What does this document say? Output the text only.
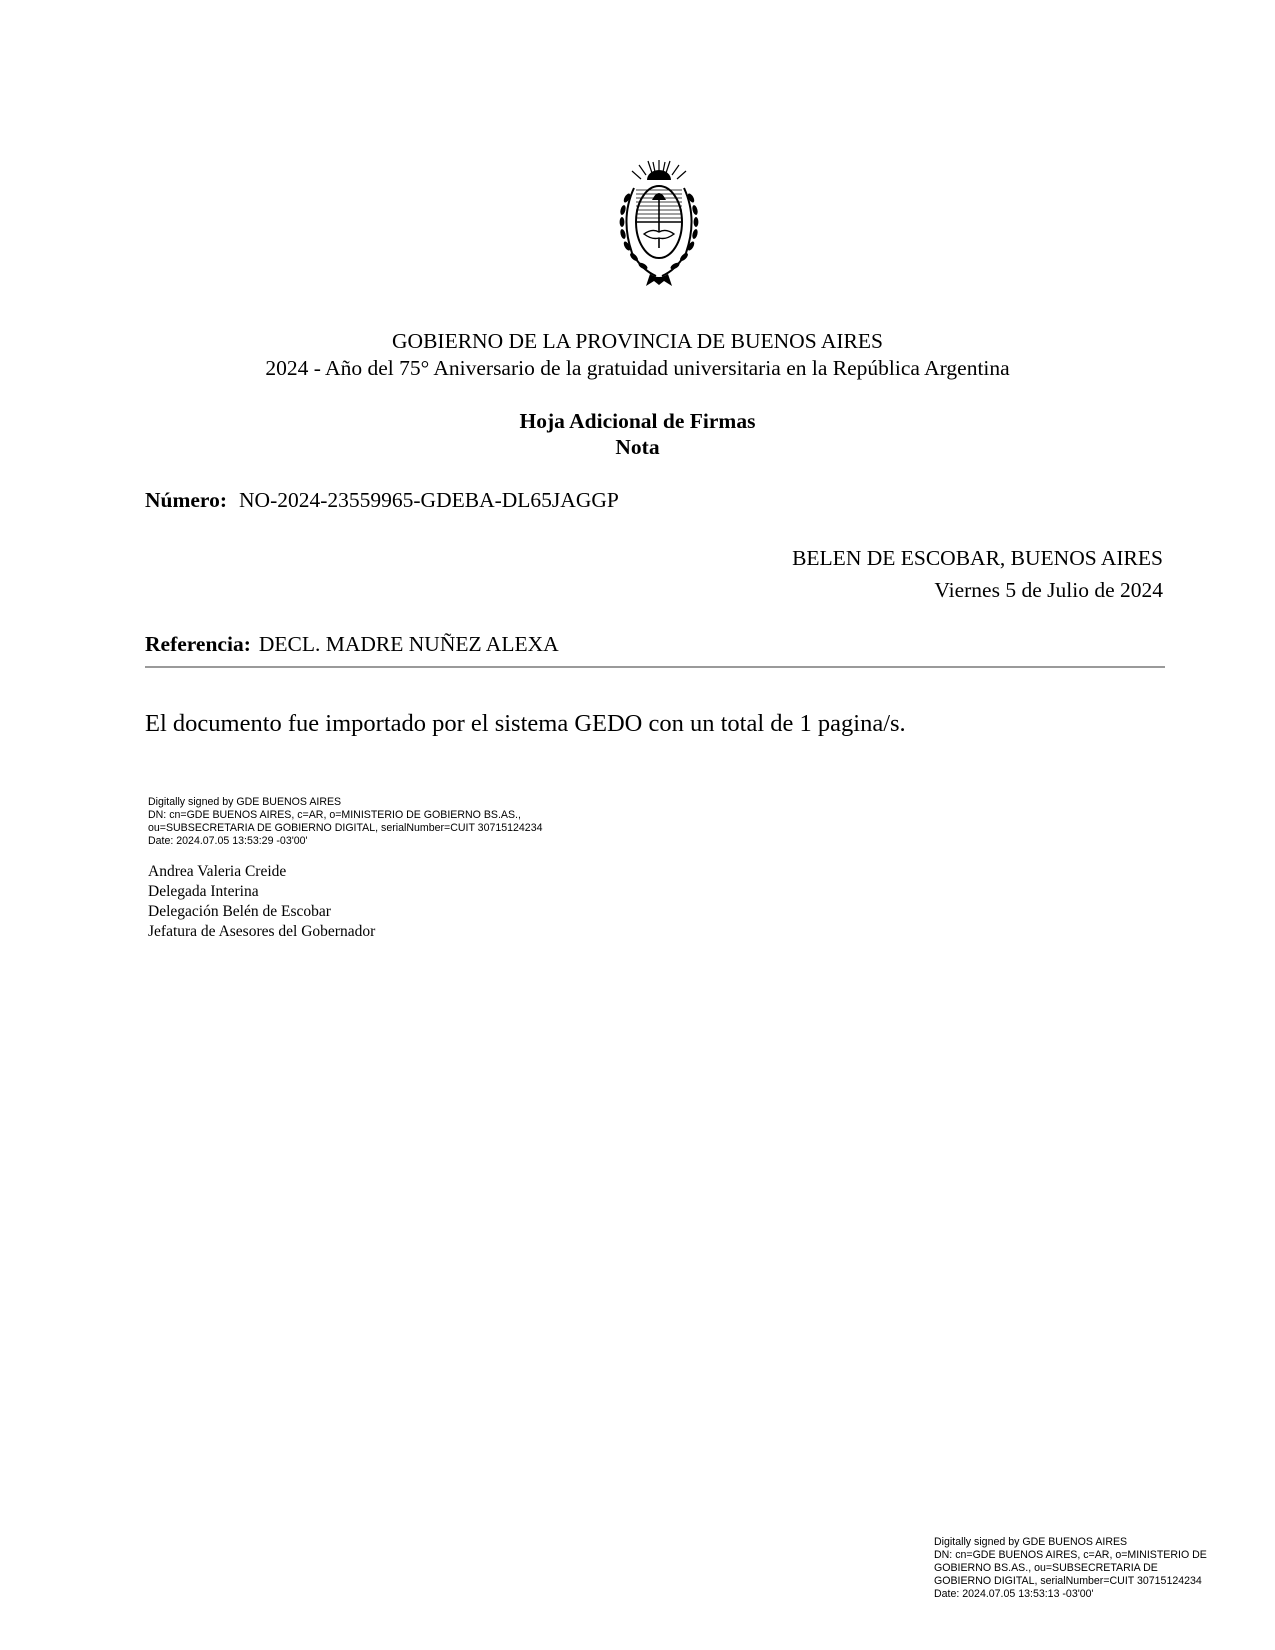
GOBIERNO DE LA PROVINCIA DE BUENOS AIRES
2024 - Año del 75° Aniversario de la gratuidad universitaria en la República Argentina
Hoja Adicional de Firmas
Nota
Número: NO-2024-23559965-GDEBA-DL65JAGGP
BELEN DE ESCOBAR, BUENOS AIRES
Viernes 5 de Julio de 2024
Referencia: DECL. MADRE NUÑEZ ALEXA
El documento fue importado por el sistema GEDO con un total de 1 pagina/s.
Digitally signed by GDE BUENOS AIRES
DN: cn=GDE BUENOS AIRES, c=AR, o=MINISTERIO DE GOBIERNO BS.AS.,
ou=SUBSECRETARIA DE GOBIERNO DIGITAL, serialNumber=CUIT 30715124234
Date: 2024.07.05 13:53:29 -03'00'
Andrea Valeria Creide
Delegada Interina
Delegación Belén de Escobar
Jefatura de Asesores del Gobernador
Digitally signed by GDE BUENOS AIRES
DN: cn=GDE BUENOS AIRES, c=AR, o=MINISTERIO DE
GOBIERNO BS.AS., ou=SUBSECRETARIA DE
GOBIERNO DIGITAL, serialNumber=CUIT 30715124234
Date: 2024.07.05 13:53:13 -03'00'
